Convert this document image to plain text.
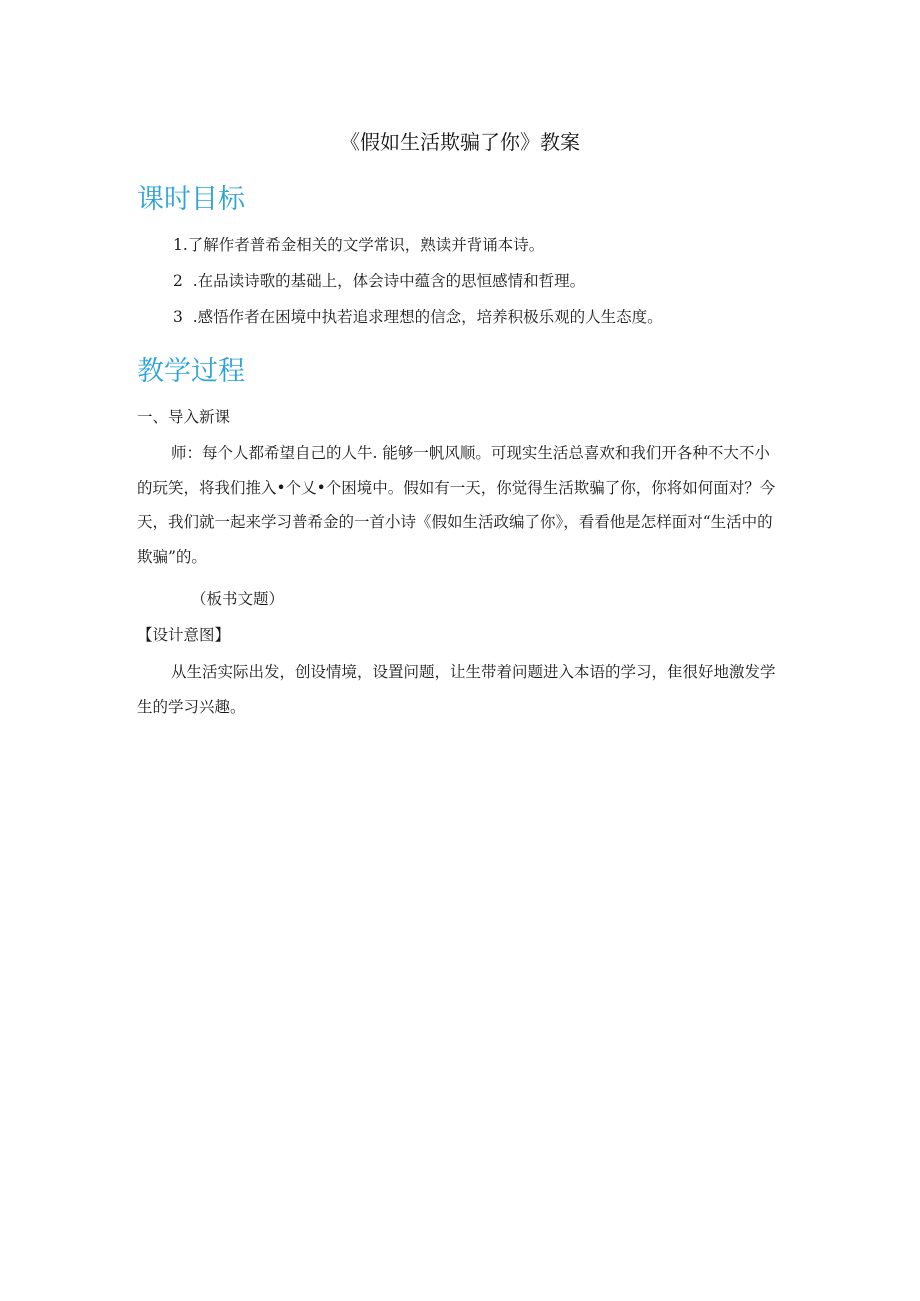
《假如生活欺骗了你》教案
课时目标
1.了解作者普希金相关的文学常识，熟读并背诵本诗。
2  .在品读诗歌的基础上，体会诗中蕴含的思恒感情和哲理。
3  .感悟作者在困境中执若追求理想的信念，培养积极乐观的人生态度。
教学过程
一、导入新课
师：每个人都希望自己的人牛. 能够一帆风顺。可现实生活总喜欢和我们开各种不大不小的玩笑，将我们推入•个乂•个困境中。假如有一天，你觉得生活欺骗了你，你将如何面对？今天，我们就一起来学习普希金的一首小诗《假如生活政编了你》，看看他是怎样面对“生活中的欺骗”的。
（板书文题）
【设计意图】
从生活实际出发，创设情境，设置问题，让生带着问题进入本语的学习，隹很好地激发学生的学习兴趣。
